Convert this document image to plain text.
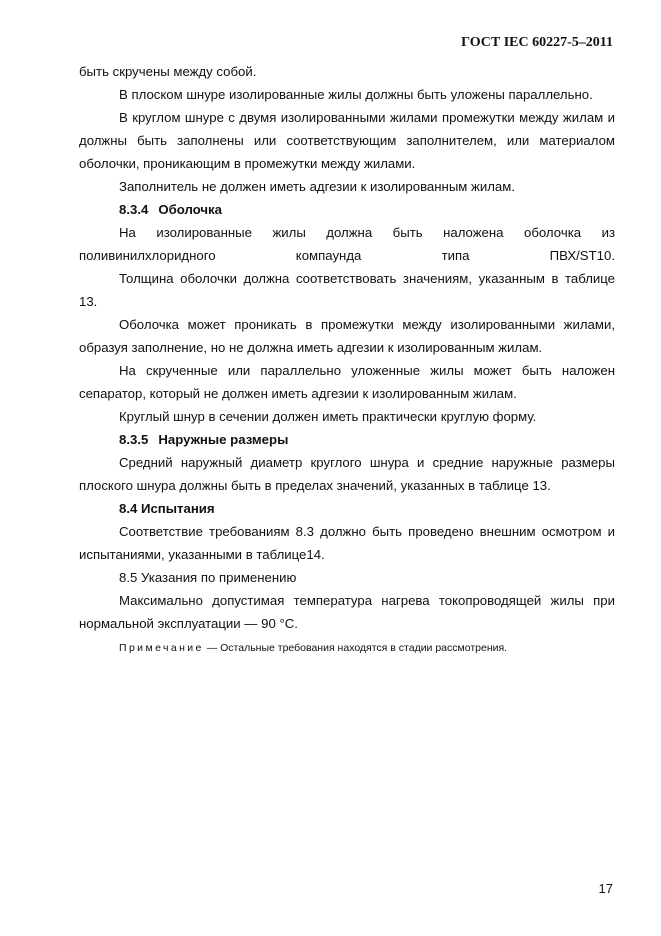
ГОСТ IEC 60227-5–2011

быть скручены между собой.

В плоском шнуре изолированные жилы должны быть уложены параллельно.

В круглом шнуре с двумя изолированными жилами промежутки между жилам и должны быть заполнены или соответствующим заполнителем, или материалом оболочки, проникающим в промежутки между жилами.

Заполнитель не должен иметь адгезии к изолированным жилам.

8.3.4 Оболочка

На изолированные жилы должна быть наложена оболочка из поливинилхлоридного компаунда типа ПВХ/ST10.

Толщина оболочки должна соответствовать значениям, указанным в таблице 13.

Оболочка может проникать в промежутки между изолированными жилами, образуя заполнение, но не должна иметь адгезии к изолированным жилам.

На скрученные или параллельно уложенные жилы может быть наложен сепаратор, который не должен иметь адгезии к изолированным жилам.

Круглый шнур в сечении должен иметь практически круглую форму.

8.3.5 Наружные размеры

Средний наружный диаметр круглого шнура и средние наружные размеры плоского шнура должны быть в пределах значений, указанных в таблице 13.

8.4 Испытания

Соответствие требованиям 8.3 должно быть проведено внешним осмотром и испытаниями, указанными в таблице14.

8.5 Указания по применению

Максимально допустимая температура нагрева токопроводящей жилы при нормальной эксплуатации — 90 °С.

Примечание — Остальные требования находятся в стадии рассмотрения.

17
